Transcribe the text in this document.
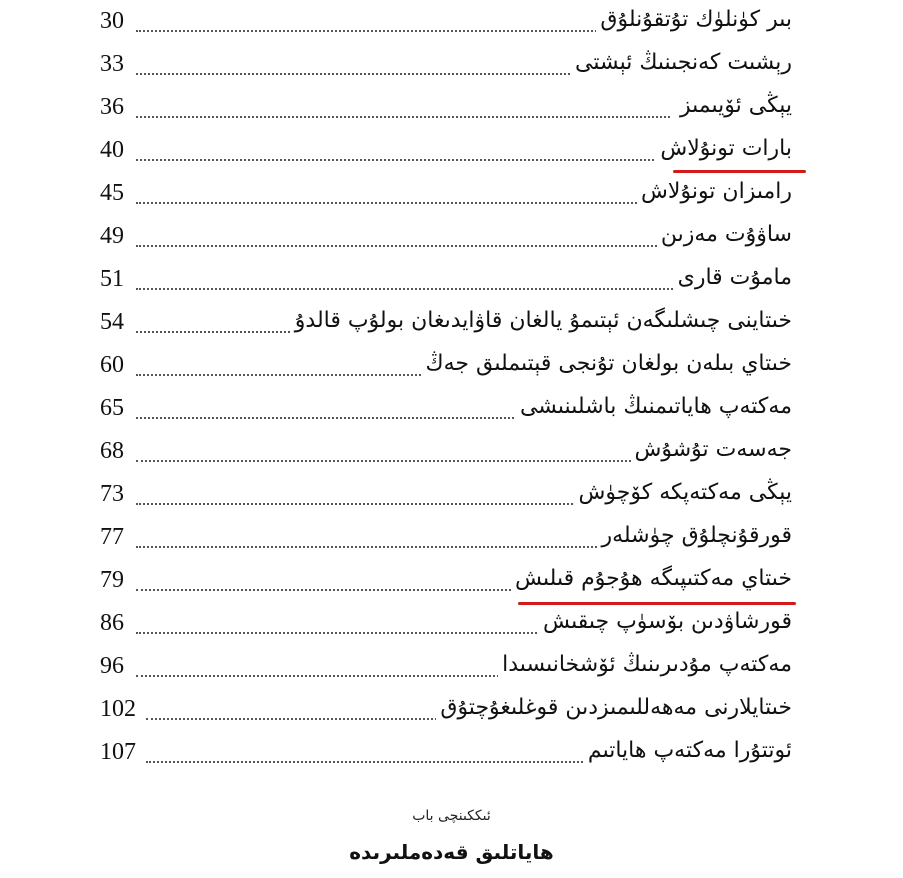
30	بىر كۈنلۈك تۇتقۇنلۇق
33	رېشىت كەنجىنىڭ ئېشتى
36	يېڭى ئۆيىمىز
40	بارات تونۇلاش
45	رامىزان تونۇلاش
49	ساۋۇت مەزىن
51	مامۇت قارى
54	خىتاينى چىشلىگەن ئېتىمۇ يالغان قاۋايدىغان بولۇپ قالدۇ
60	خىتاي بىلەن بولغان تۇنجى قېتىملىق جەڭ
65	مەكتەپ ھاياتىمنىڭ باشلىنىشى
68	جەسەت تۇشۇش
73	يېڭى مەكتەپكە كۆچۈش
77	قورقۇنچلۇق چۈشلەر
79	خىتاي مەكتىپىگە ھۇجۇم قىلىش
86	قورشاۋدىن بۆسۈپ چىقىش
96	مەكتەپ مۇدىرىنىڭ ئۆشخانىسىدا
102	خىتايلارنى مەھەللىمىزدىن قوغلىغۇچتۇق
107	ئوتتۇرا مەكتەپ ھاياتىم
ئىككىنچى باب
ھاياتلىق قەدەملىرىدە
